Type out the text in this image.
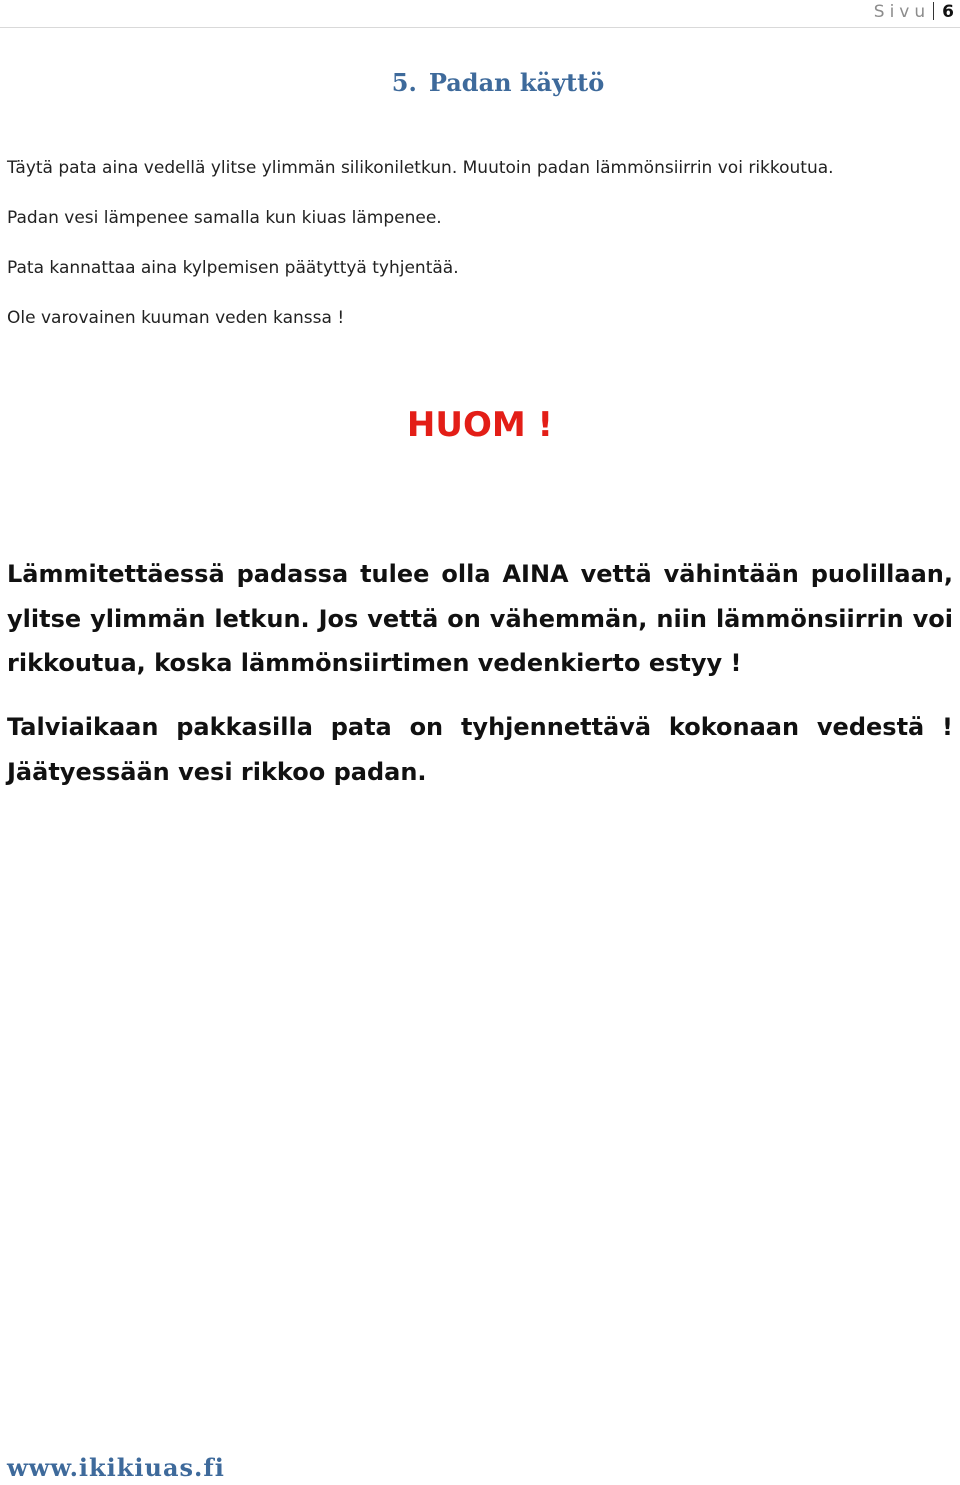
Sivu 6
5. Padan käyttö

Täytä pata aina vedellä ylitse ylimmän silikoniletkun. Muutoin padan lämmönsiirrin voi rikkoutua.

Padan vesi lämpenee samalla kun kiuas lämpenee.

Pata kannattaa aina kylpemisen päätyttyä tyhjentää.

Ole varovainen kuuman veden kanssa !

HUOM !

Lämmitettäessä padassa tulee olla AINA vettä vähintään puolillaan, ylitse ylimmän letkun. Jos vettä on vähemmän, niin lämmönsiirrin voi rikkoutua, koska lämmönsiirtimen vedenkierto estyy !

Talviaikaan pakkasilla pata on tyhjennettävä kokonaan vedestä ! Jäätyessään vesi rikkoo padan.

www.ikikiuas.fi
